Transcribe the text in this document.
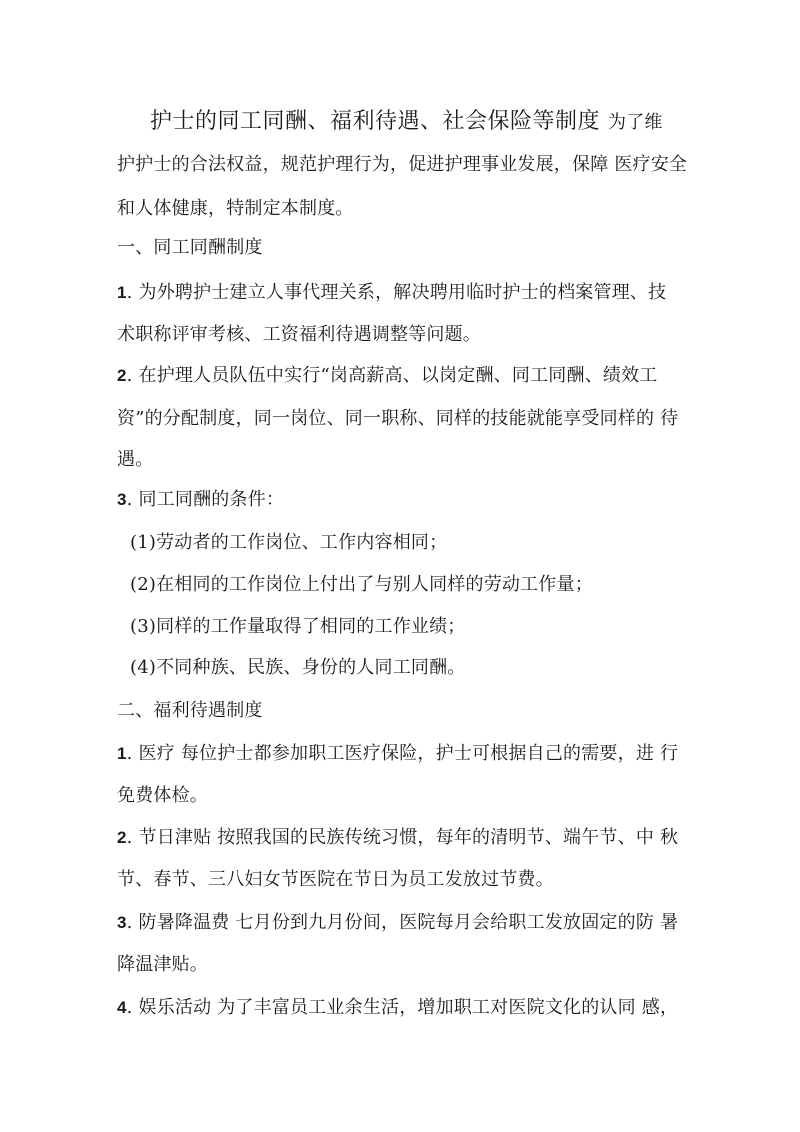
护士的同工同酬、福利待遇、社会保险等制度 为了维
护护士的合法权益，规范护理行为，促进护理事业发展，保障 医疗安全
和人体健康，特制定本制度。
一、同工同酬制度
1. 为外聘护士建立人事代理关系，解决聘用临时护士的档案管理、技
术职称评审考核、工资福利待遇调整等问题。
2. 在护理人员队伍中实行“岗高薪高、以岗定酬、同工同酬、绩效工
资”的分配制度，同一岗位、同一职称、同样的技能就能享受同样的 待
遇。
3. 同工同酬的条件：
(1)劳动者的工作岗位、工作内容相同；
(2)在相同的工作岗位上付出了与别人同样的劳动工作量；
(3)同样的工作量取得了相同的工作业绩；
(4)不同种族、民族、身份的人同工同酬。
二、福利待遇制度
1. 医疗 每位护士都参加职工医疗保险，护士可根据自己的需要，进 行
免费体检。
2. 节日津贴 按照我国的民族传统习惯，每年的清明节、端午节、中 秋
节、春节、三八妇女节医院在节日为员工发放过节费。
3. 防暑降温费 七月份到九月份间，医院每月会给职工发放固定的防 暑
降温津贴。
4. 娱乐活动 为了丰富员工业余生活，增加职工对医院文化的认同 感，
